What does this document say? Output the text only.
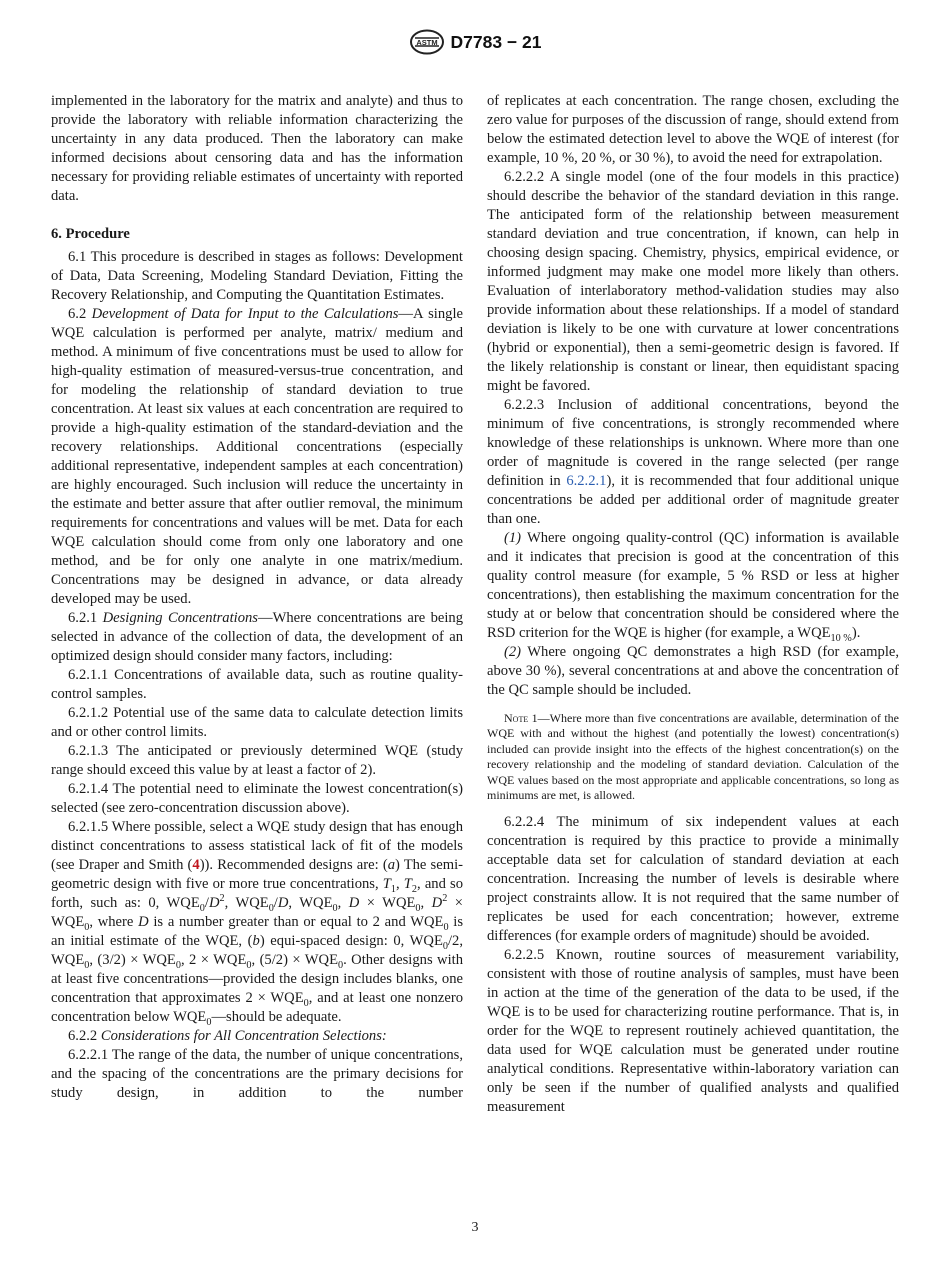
ASTM D7783 − 21

implemented in the laboratory for the matrix and analyte) and thus to provide the laboratory with reliable information characterizing the uncertainty in any data produced. Then the laboratory can make informed decisions about censoring data and has the information necessary for providing reliable estimates of uncertainty with reported data.

6. Procedure

6.1 This procedure is described in stages as follows: Development of Data, Data Screening, Modeling Standard Deviation, Fitting the Recovery Relationship, and Computing the Quantitation Estimates.

6.2 Development of Data for Input to the Calculations—A single WQE calculation is performed per analyte, matrix/ medium and method. A minimum of five concentrations must be used to allow for high-quality estimation of measured-versus-true concentration, and for modeling the relationship of standard deviation to true concentration. At least six values at each concentration are required to provide a high-quality estimation of the standard-deviation and the recovery relationships. Additional concentrations (especially additional representative, independent samples at each concentration) are highly encouraged. Such inclusion will reduce the uncertainty in the estimate and better assure that after outlier removal, the minimum requirements for concentrations and values will be met. Data for each WQE calculation should come from only one laboratory and one method, and be for only one analyte in one matrix/medium. Concentrations may be designed in advance, or data already developed may be used.

6.2.1 Designing Concentrations—Where concentrations are being selected in advance of the collection of data, the development of an optimized design should consider many factors, including:

6.2.1.1 Concentrations of available data, such as routine quality-control samples.

6.2.1.2 Potential use of the same data to calculate detection limits and or other control limits.

6.2.1.3 The anticipated or previously determined WQE (study range should exceed this value by at least a factor of 2).

6.2.1.4 The potential need to eliminate the lowest concentration(s) selected (see zero-concentration discussion above).

6.2.1.5 Where possible, select a WQE study design that has enough distinct concentrations to assess statistical lack of fit of the models (see Draper and Smith (4)). Recommended designs are: (a) The semi-geometric design with five or more true concentrations, $T_1$, $T_2$, and so forth, such as: 0, $WQE_0/D^2$, $WQE_0/D$, $WQE_0$, $D \times WQE_0$, $D^2 \times WQE_0$, where D is a number greater than or equal to 2 and $WQE_0$ is an initial estimate of the WQE, (b) equi-spaced design: 0, $WQE_0/2$, $WQE_0$, $(3/2) \times WQE_0$, $2 \times WQE_0$, $(5/2) \times WQE_0$. Other designs with at least five concentrations—provided the design includes blanks, one concentration that approximates $2 \times WQE_0$, and at least one nonzero concentration below $WQE_0—should$ be adequate.

6.2.2 Considerations for All Concentration Selections:

6.2.2.1 The range of the data, the number of unique concentrations, and the spacing of the concentrations are the primary decisions for study design, in addition to the number

of replicates at each concentration. The range chosen, excluding the zero value for purposes of the discussion of range, should extend from below the estimated detection level to above the WQE of interest (for example, 10 %, 20 %, or 30 %), to avoid the need for extrapolation.

6.2.2.2 A single model (one of the four models in this practice) should describe the behavior of the standard deviation in this range. The anticipated form of the relationship between measurement standard deviation and true concentration, if known, can help in choosing design spacing. Chemistry, physics, empirical evidence, or informed judgment may make one model more likely than others. Evaluation of interlaboratory method-validation studies may also provide information about these relationships. If a model of standard deviation is likely to be one with curvature at lower concentrations (hybrid or exponential), then a semi-geometric design is favored. If the likely relationship is constant or linear, then equidistant spacing might be favored.

6.2.2.3 Inclusion of additional concentrations, beyond the minimum of five concentrations, is strongly recommended where knowledge of these relationships is unknown. Where more than one order of magnitude is covered in the range selected (per range definition in 6.2.2.1), it is recommended that four additional unique concentrations be added per additional order of magnitude greater than one.

(1) Where ongoing quality-control (QC) information is available and it indicates that precision is good at the concentration of this quality control measure (for example, 5 % RSD or less at higher concentrations), then establishing the maximum concentration for the study at or below that concentration should be considered where the RSD criterion for the WQE is higher (for example, a $WQE_{10 \%}$).

(2) Where ongoing QC demonstrates a high RSD (for example, above 30 %), several concentrations at and above the concentration of the QC sample should be included.

Note 1—Where more than five concentrations are available, determination of the WQE with and without the highest (and potentially the lowest) concentration(s) included can provide insight into the effects of the highest concentration(s) on the recovery relationship and the modeling of standard deviation. Calculation of the WQE values based on the most appropriate and applicable concentrations, so long as minimums are met, is allowed.

6.2.2.4 The minimum of six independent values at each concentration is required by this practice to provide a minimally acceptable data set for calculation of standard deviation at each concentration. Increasing the number of levels is desirable where project constraints allow. It is not required that the same number of replicates be used for each concentration; however, extreme differences (for example orders of magnitude) should be avoided.

6.2.2.5 Known, routine sources of measurement variability, consistent with those of routine analysis of samples, must have been in action at the time of the generation of the data to be used, if the WQE is to be used for characterizing routine performance. That is, in order for the WQE to represent routinely achieved quantitation, the data used for WQE calculation must be generated under routine analytical conditions. Representative within-laboratory variation can only be seen if the number of qualified analysts and qualified measurement

3
